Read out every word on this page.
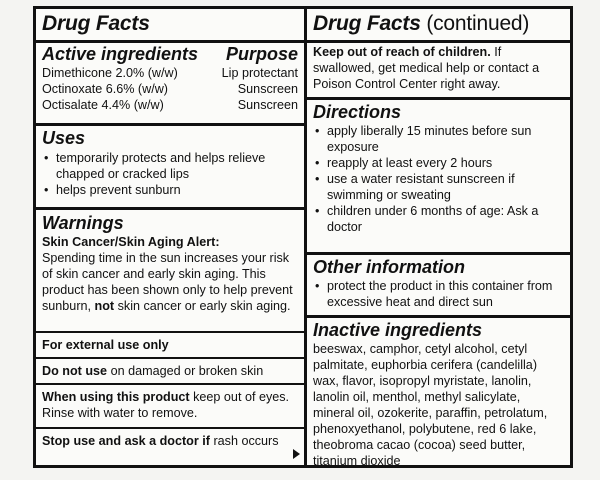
Drug Facts
Active ingredients Purpose
Dimethicone 2.0% (w/w)	Lip protectant
Octinoxate 6.6% (w/w)	Sunscreen
Octisalate 4.4% (w/w)	Sunscreen
Uses
• temporarily protects and helps relieve chapped or cracked lips
• helps prevent sunburn
Warnings
Skin Cancer/Skin Aging Alert:
Spending time in the sun increases your risk of skin cancer and early skin aging. This product has been shown only to help prevent sunburn, not skin cancer or early skin aging.
For external use only
Do not use on damaged or broken skin
When using this product keep out of eyes. Rinse with water to remove.
Stop use and ask a doctor if rash occurs
Drug Facts (continued)
Keep out of reach of children. If swallowed, get medical help or contact a Poison Control Center right away.
Directions
• apply liberally 15 minutes before sun exposure
• reapply at least every 2 hours
• use a water resistant sunscreen if swimming or sweating
• children under 6 months of age: Ask a doctor
Other information
• protect the product in this container from excessive heat and direct sun
Inactive ingredients
beeswax, camphor, cetyl alcohol, cetyl palmitate, euphorbia cerifera (candelilla) wax, flavor, isopropyl myristate, lanolin, lanolin oil, menthol, methyl salicylate, mineral oil, ozokerite, paraffin, petrolatum, phenoxyethanol, polybutene, red 6 lake, theobroma cacao (cocoa) seed butter, titanium dioxide
